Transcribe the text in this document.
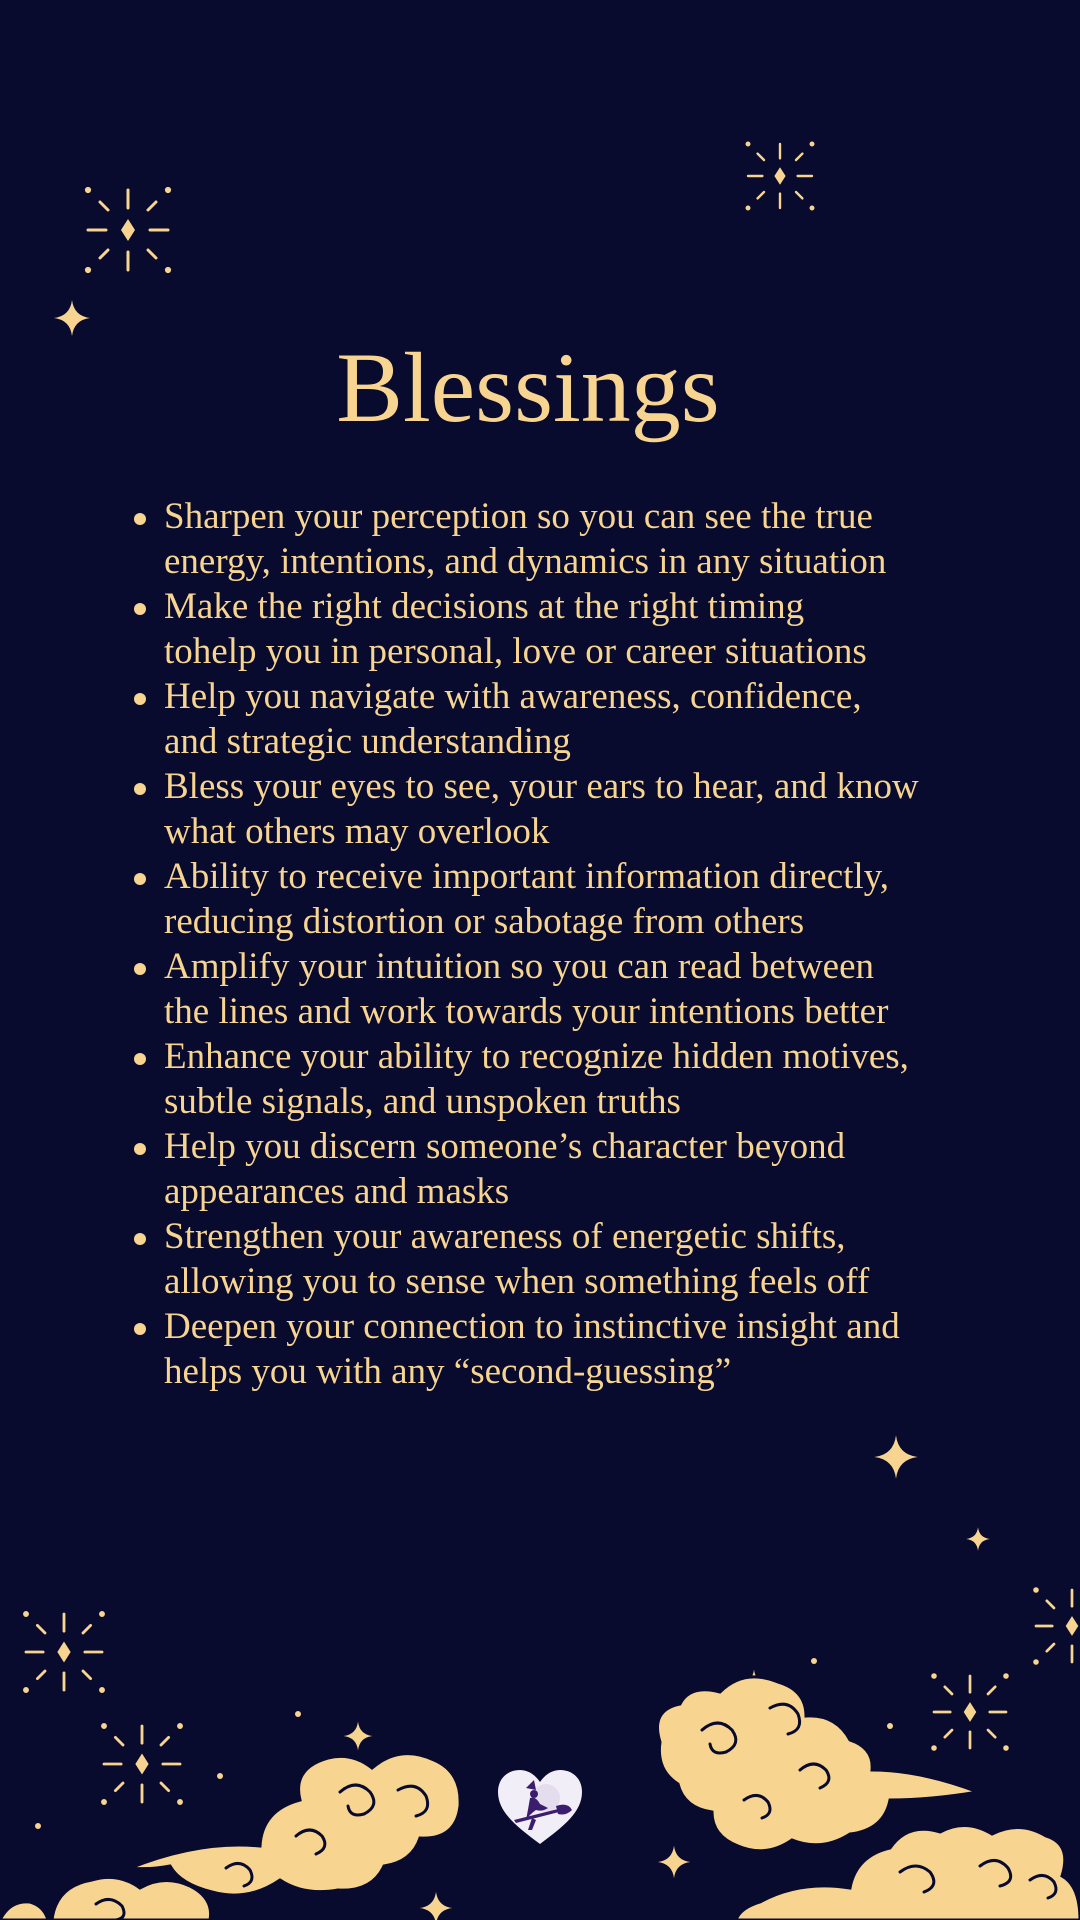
Blessings
Sharpen your perception so you can see the true
energy, intentions, and dynamics in any situation
Make the right decisions at the right timing
tohelp you in personal, love or career situations
Help you navigate with awareness, confidence,
and strategic understanding
Bless your eyes to see, your ears to hear, and know
what others may overlook
Ability to receive important information directly,
reducing distortion or sabotage from others
Amplify your intuition so you can read between
the lines and work towards your intentions better
Enhance your ability to recognize hidden motives,
subtle signals, and unspoken truths
Help you discern someone’s character beyond
appearances and masks
Strengthen your awareness of energetic shifts,
allowing you to sense when something feels off
Deepen your connection to instinctive insight and
helps you with any “second-guessing”
